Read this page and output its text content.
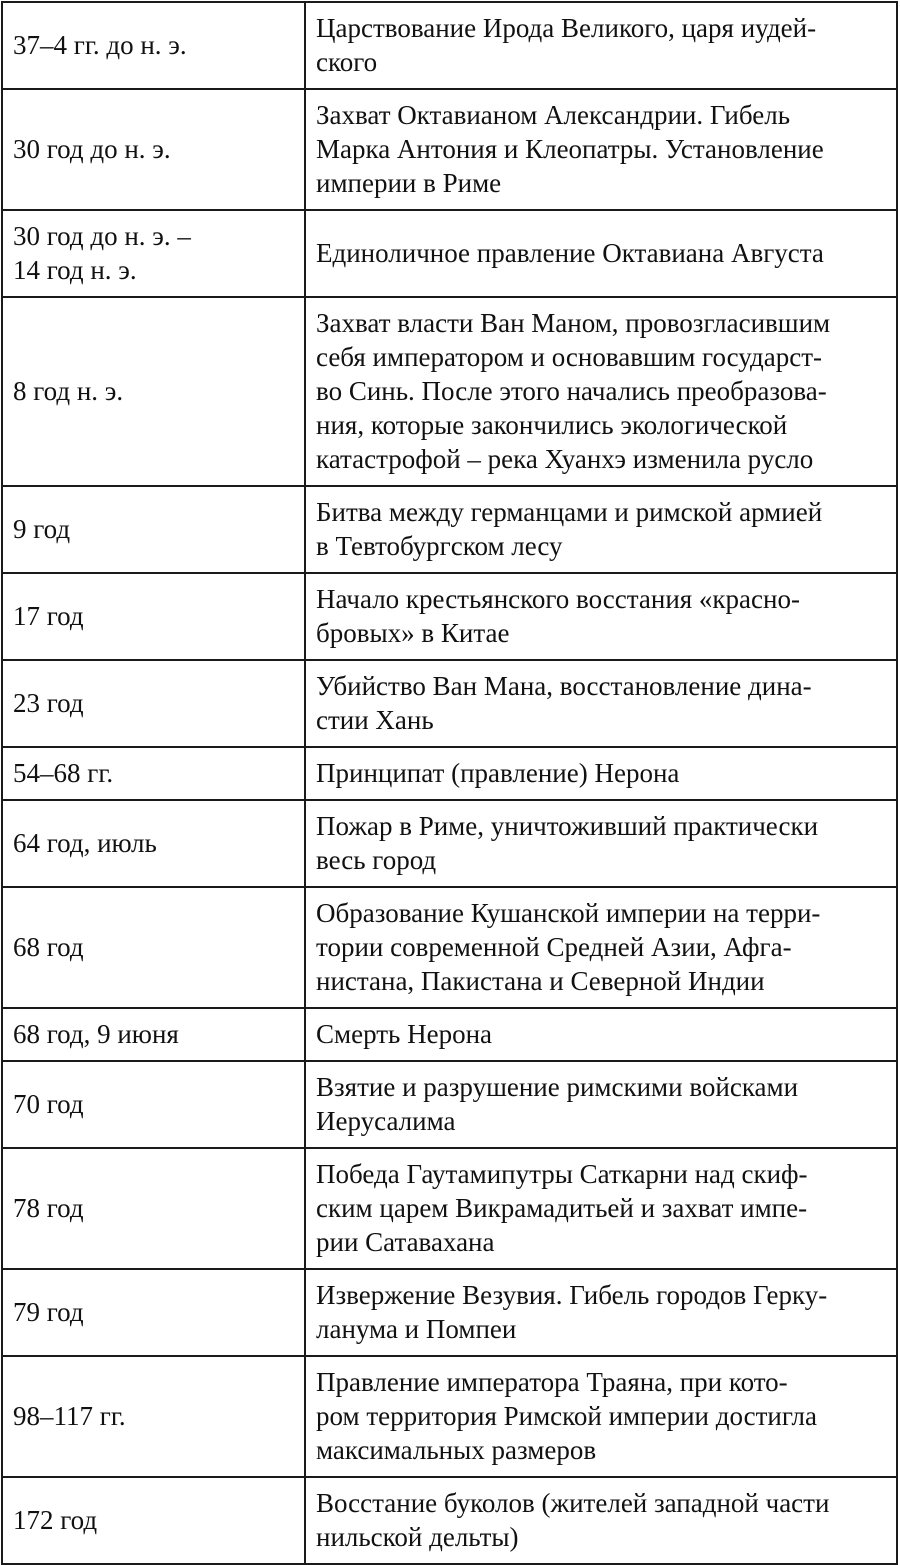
37–4 гг. до н. э.	Царствование Ирода Великого, царя иудей-
ского

30 год до н. э.	Захват Октавианом Александрии. Гибель
Марка Антония и Клеопатры. Установление
империи в Риме

30 год до н. э. –
14 год н. э.	Единоличное правление Октавиана Августа

8 год н. э.	Захват власти Ван Маном, провозгласившим
себя императором и основавшим государст-
во Синь. После этого начались преобразова-
ния, которые закончились экологической
катастрофой – река Хуанхэ изменила русло

9 год	Битва между германцами и римской армией
в Тевтобургском лесу

17 год	Начало крестьянского восстания «красно-
бровых» в Китае

23 год	Убийство Ван Мана, восстановление дина-
стии Хань

54–68 гг.	Принципат (правление) Нерона

64 год, июль	Пожар в Риме, уничтоживший практически
весь город

68 год	Образование Кушанской империи на терри-
тории современной Средней Азии, Афга-
нистана, Пакистана и Северной Индии

68 год, 9 июня	Смерть Нерона

70 год	Взятие и разрушение римскими войсками
Иерусалима

78 год	Победа Гаутамипутры Саткарни над скиф-
ским царем Викрамадитьей и захват импе-
рии Сатавахана

79 год	Извержение Везувия. Гибель городов Герку-
ланума и Помпеи

98–117 гг.	Правление императора Траяна, при кото-
ром территория Римской империи достигла
максимальных размеров

172 год	Восстание буколов (жителей западной части
нильской дельты)
